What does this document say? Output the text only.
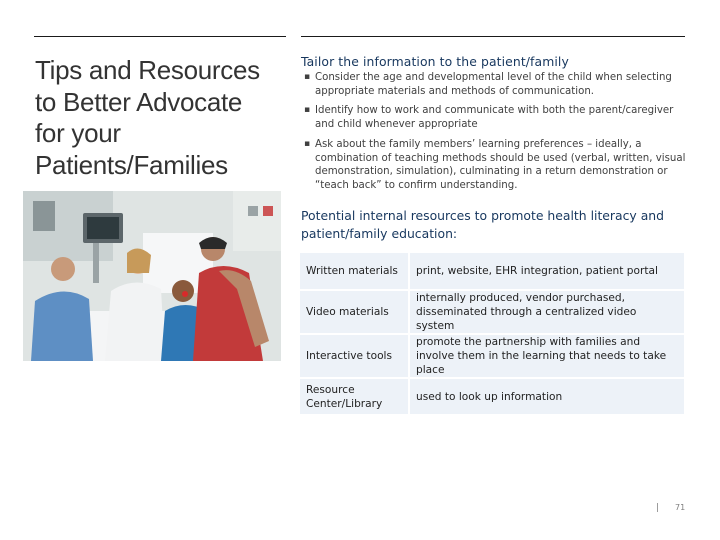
Tips and Resources
to Better Advocate
for your
Patients/Families
Tailor the information to the patient/family
▪ Consider the age and developmental level of the child when selecting appropriate materials and methods of communication.
▪ Identify how to work and communicate with both the parent/caregiver and child whenever appropriate
▪ Ask about the family members’ learning preferences – ideally, a combination of teaching methods should be used (verbal, written, visual demonstration, simulation), culminating in a return demonstration or “teach back” to confirm understanding.
Potential internal resources to promote health literacy and patient/family education:
Written materials	print, website, EHR integration, patient portal
Video materials	internally produced, vendor purchased, disseminated through a centralized video system
Interactive tools	promote the partnership with families and involve them in the learning that needs to take place
Resource Center/Library	used to look up information
| 71
